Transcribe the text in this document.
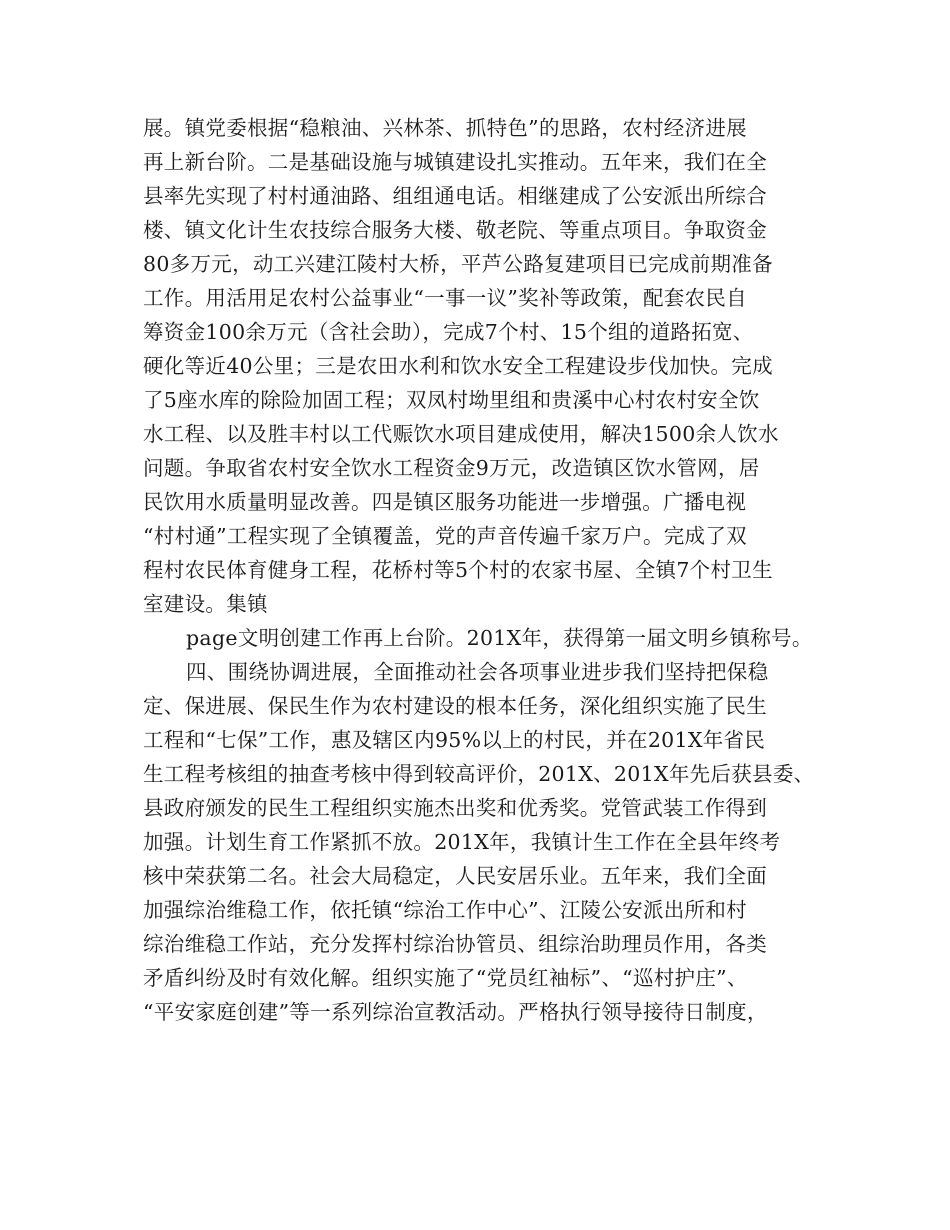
展。镇党委根据“稳粮油、兴林茶、抓特色”的思路，农村经济进展
再上新台阶。二是基础设施与城镇建设扎实推动。五年来，我们在全
县率先实现了村村通油路、组组通电话。相继建成了公安派出所综合
楼、镇文化计生农技综合服务大楼、敬老院、等重点项目。争取资金
80多万元，动工兴建江陵村大桥，平芦公路复建项目已完成前期准备
工作。用活用足农村公益事业“一事一议”奖补等政策，配套农民自
筹资金100余万元（含社会助），完成7个村、15个组的道路拓宽、
硬化等近40公里；三是农田水利和饮水安全工程建设步伐加快。完成
了5座水库的除险加固工程；双凤村坳里组和贵溪中心村农村安全饮
水工程、以及胜丰村以工代赈饮水项目建成使用，解决1500余人饮水
问题。争取省农村安全饮水工程资金9万元，改造镇区饮水管网，居
民饮用水质量明显改善。四是镇区服务功能进一步增强。广播电视
“村村通”工程实现了全镇覆盖，党的声音传遍千家万户。完成了双
程村农民体育健身工程，花桥村等5个村的农家书屋、全镇7个村卫生
室建设。集镇
page文明创建工作再上台阶。201X年，获得第一届文明乡镇称号。
四、围绕协调进展，全面推动社会各项事业进步我们坚持把保稳
定、保进展、保民生作为农村建设的根本任务，深化组织实施了民生
工程和“七保”工作，惠及辖区内95%以上的村民，并在201X年省民
生工程考核组的抽查考核中得到较高评价，201X、201X年先后获县委、
县政府颁发的民生工程组织实施杰出奖和优秀奖。党管武装工作得到
加强。计划生育工作紧抓不放。201X年，我镇计生工作在全县年终考
核中荣获第二名。社会大局稳定，人民安居乐业。五年来，我们全面
加强综治维稳工作，依托镇“综治工作中心”、江陵公安派出所和村
综治维稳工作站，充分发挥村综治协管员、组综治助理员作用，各类
矛盾纠纷及时有效化解。组织实施了“党员红袖标”、“巡村护庄”、
“平安家庭创建”等一系列综治宣教活动。严格执行领导接待日制度，
